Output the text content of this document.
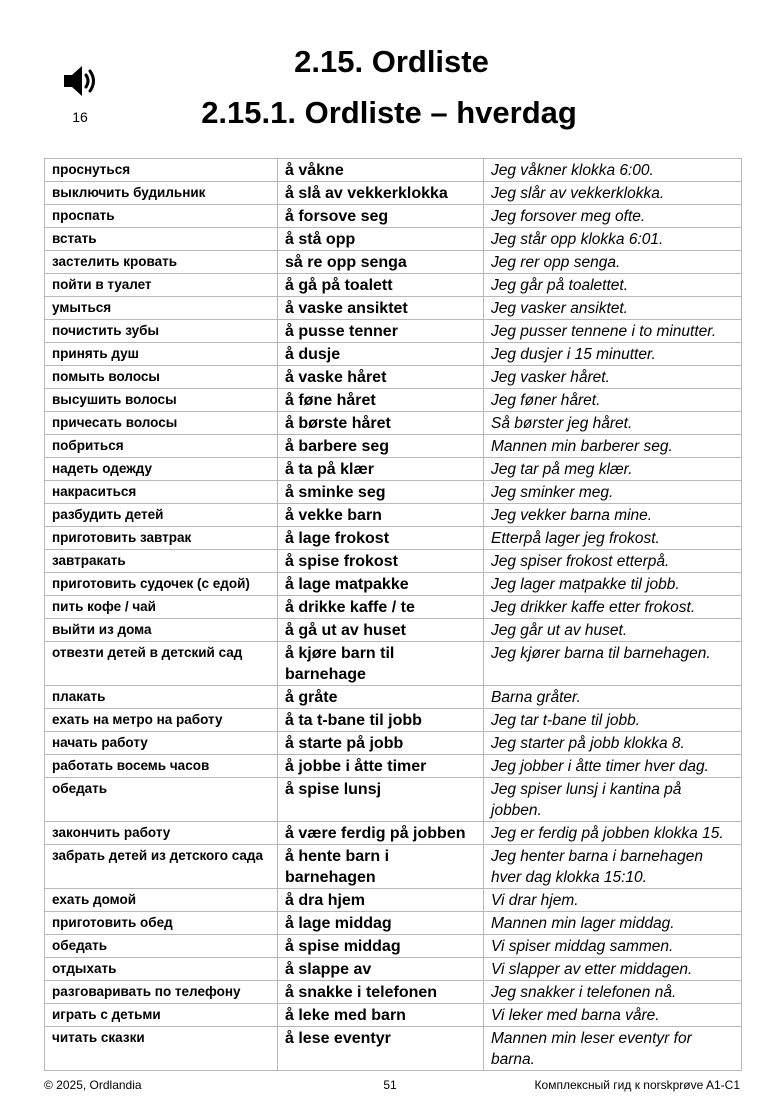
16
2.15. Ordliste
2.15.1. Ordliste – hverdag
проснуться	å våkne	Jeg våkner klokka 6:00.
выключить будильник	å slå av vekkerklokka	Jeg slår av vekkerklokka.
проспать	å forsove seg	Jeg forsover meg ofte.
встать	å stå opp	Jeg står opp klokka 6:01.
застелить кровать	så re opp senga	Jeg rer opp senga.
пойти в туалет	å gå på toalett	Jeg går på toalettet.
умыться	å vaske ansiktet	Jeg vasker ansiktet.
почистить зубы	å pusse tenner	Jeg pusser tennene i to minutter.
принять душ	å dusje	Jeg dusjer i 15 minutter.
помыть волосы	å vaske håret	Jeg vasker håret.
высушить волосы	å føne håret	Jeg føner håret.
причесать волосы	å børste håret	Så børster jeg håret.
побриться	å barbere seg	Mannen min barberer seg.
надеть одежду	å ta på klær	Jeg tar på meg klær.
накраситься	å sminke seg	Jeg sminker meg.
разбудить детей	å vekke barn	Jeg vekker barna mine.
приготовить завтрак	å lage frokost	Etterpå lager jeg frokost.
завтракать	å spise frokost	Jeg spiser frokost etterpå.
приготовить судочек (с едой)	å lage matpakke	Jeg lager matpakke til jobb.
пить кофе / чай	å drikke kaffe / te	Jeg drikker kaffe etter frokost.
выйти из дома	å gå ut av huset	Jeg går ut av huset.
отвезти детей в детский сад	å kjøre barn til barnehage	Jeg kjører barna til barnehagen.
плакать	å gråte	Barna gråter.
ехать на метро на работу	å ta t-bane til jobb	Jeg tar t-bane til jobb.
начать работу	å starte på jobb	Jeg starter på jobb klokka 8.
работать восемь часов	å jobbe i åtte timer	Jeg jobber i åtte timer hver dag.
обедать	å spise lunsj	Jeg spiser lunsj i kantina på jobben.
закончить работу	å være ferdig på jobben	Jeg er ferdig på jobben klokka 15.
забрать детей из детского сада	å hente barn i barnehagen	Jeg henter barna i barnehagen hver dag klokka 15:10.
ехать домой	å dra hjem	Vi drar hjem.
приготовить обед	å lage middag	Mannen min lager middag.
обедать	å spise middag	Vi spiser middag sammen.
отдыхать	å slappe av	Vi slapper av etter middagen.
разговаривать по телефону	å snakke i telefonen	Jeg snakker i telefonen nå.
играть с детьми	å leke med barn	Vi leker med barna våre.
читать сказки	å lese eventyr	Mannen min leser eventyr for barna.
© 2025, Ordlandia	51	Комплексный гид к norskprøve A1-C1
